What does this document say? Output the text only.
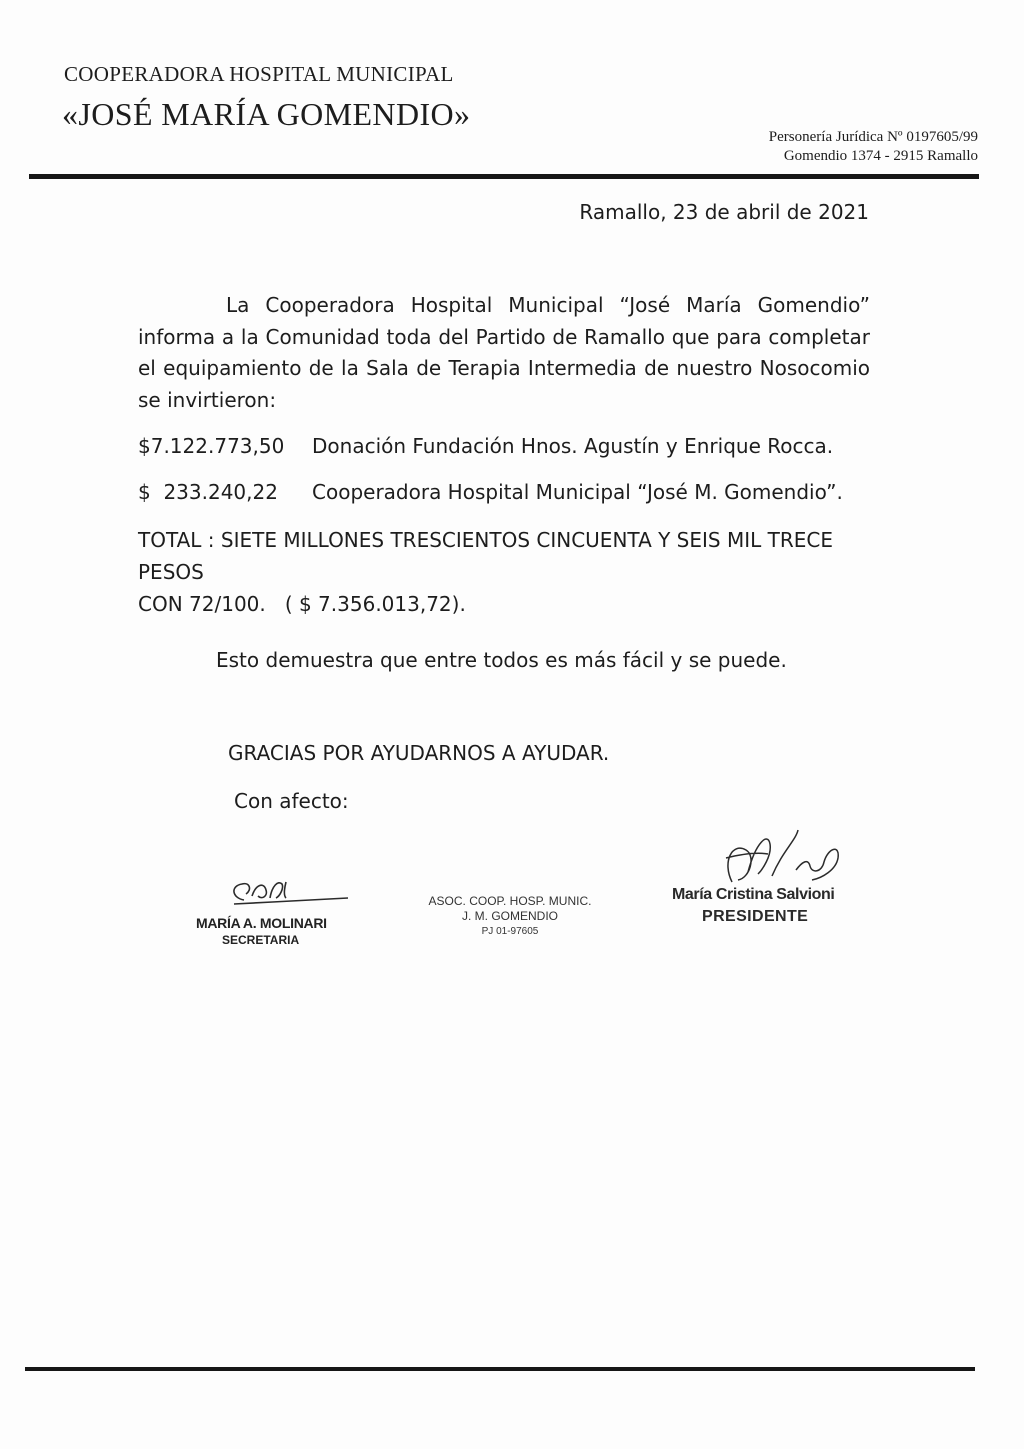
COOPERADORA HOSPITAL MUNICIPAL
«JOSÉ MARÍA GOMENDIO»
Personería Jurídica Nº 0197605/99
Gomendio 1374 - 2915 Ramallo
Ramallo, 23 de abril de 2021
La Cooperadora Hospital Municipal “José María Gomendio” informa a la Comunidad toda del Partido de Ramallo que para completar el equipamiento de la Sala de Terapia Intermedia de nuestro Nosocomio se invirtieron:
$7.122.773,50 Donación Fundación Hnos. Agustín y Enrique Rocca.
$  233.240,22 Cooperadora Hospital Municipal “José M. Gomendio”.
TOTAL : SIETE MILLONES TRESCIENTOS CINCUENTA Y SEIS MIL TRECE PESOS
CON 72/100.   ( $ 7.356.013,72).
Esto demuestra que entre todos es más fácil y se puede.
GRACIAS POR AYUDARNOS A AYUDAR.
Con afecto:
MARÍA A. MOLINARI
SECRETARIA
ASOC. COOP. HOSP. MUNIC.
J. M. GOMENDIO
PJ 01-97605
María Cristina Salvioni
PRESIDENTE
